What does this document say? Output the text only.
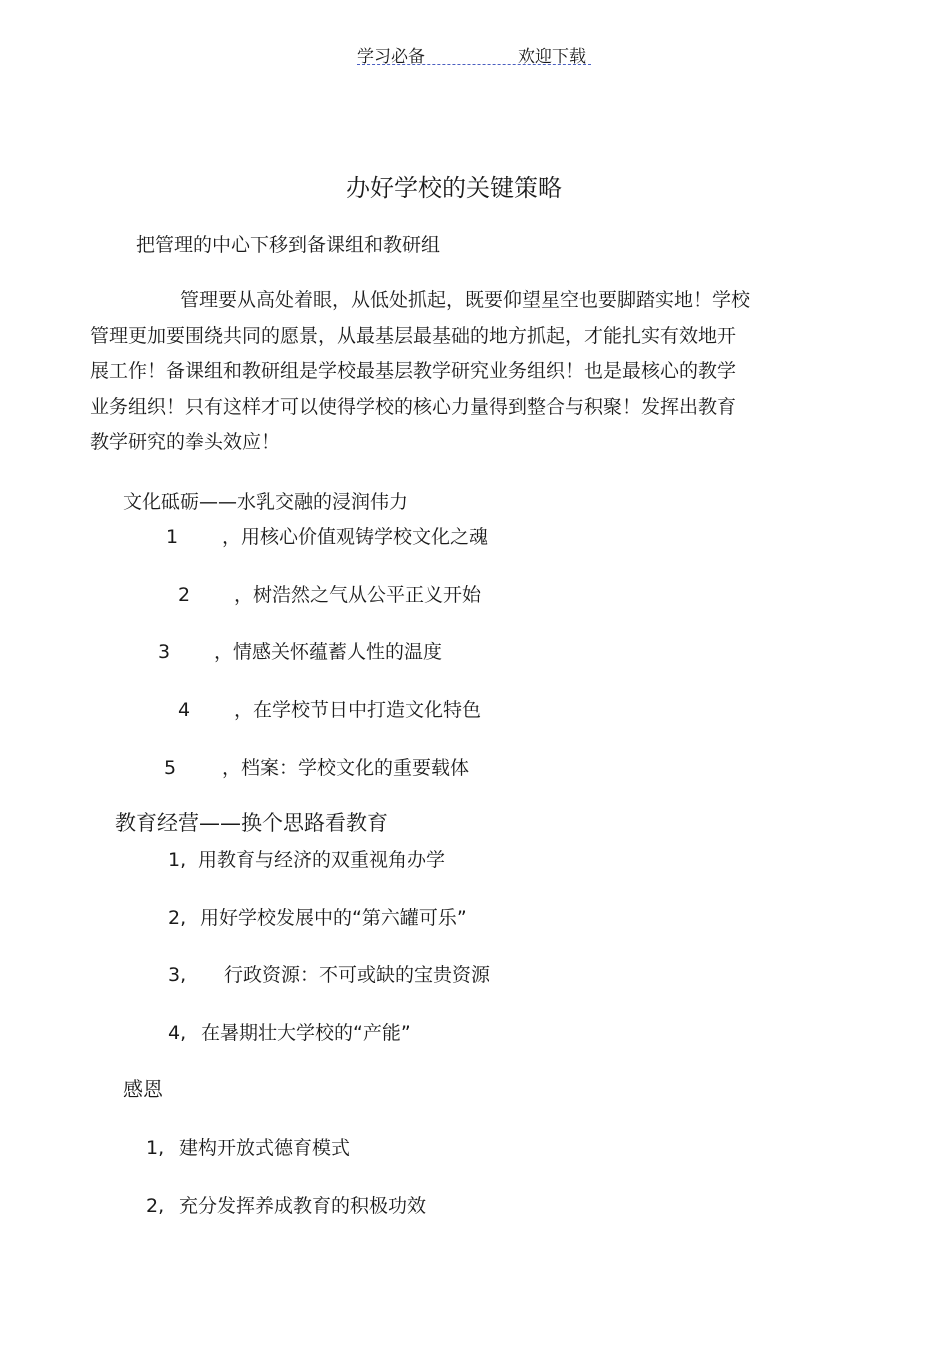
学习必备	欢迎下载
办好学校的关键策略
把管理的中心下移到备课组和教研组

管理要从高处着眼，从低处抓起，既要仰望星空也要脚踏实地！学校

管理更加要围绕共同的愿景，从最基层最基础的地方抓起，才能扎实有效地开

展工作！备课组和教研组是学校最基层教学研究业务组织！也是最核心的教学

业务组织！只有这样才可以使得学校的核心力量得到整合与积聚！发挥出教育

教学研究的拳头效应！

文化砥砺——水乳交融的浸润伟力
1 ，用核心价值观铸学校文化之魂
2 ，树浩然之气从公平正义开始
3 ，情感关怀蕴蓄人性的温度
4 ，在学校节日中打造文化特色
5 ，档案：学校文化的重要载体
教育经营——换个思路看教育
1, 用教育与经济的双重视角办学
2, 用好学校发展中的“第六罐可乐”
3, 行政资源：不可或缺的宝贵资源
4, 在暑期壮大学校的“产能”
感恩
1, 建构开放式德育模式
2, 充分发挥养成教育的积极功效
